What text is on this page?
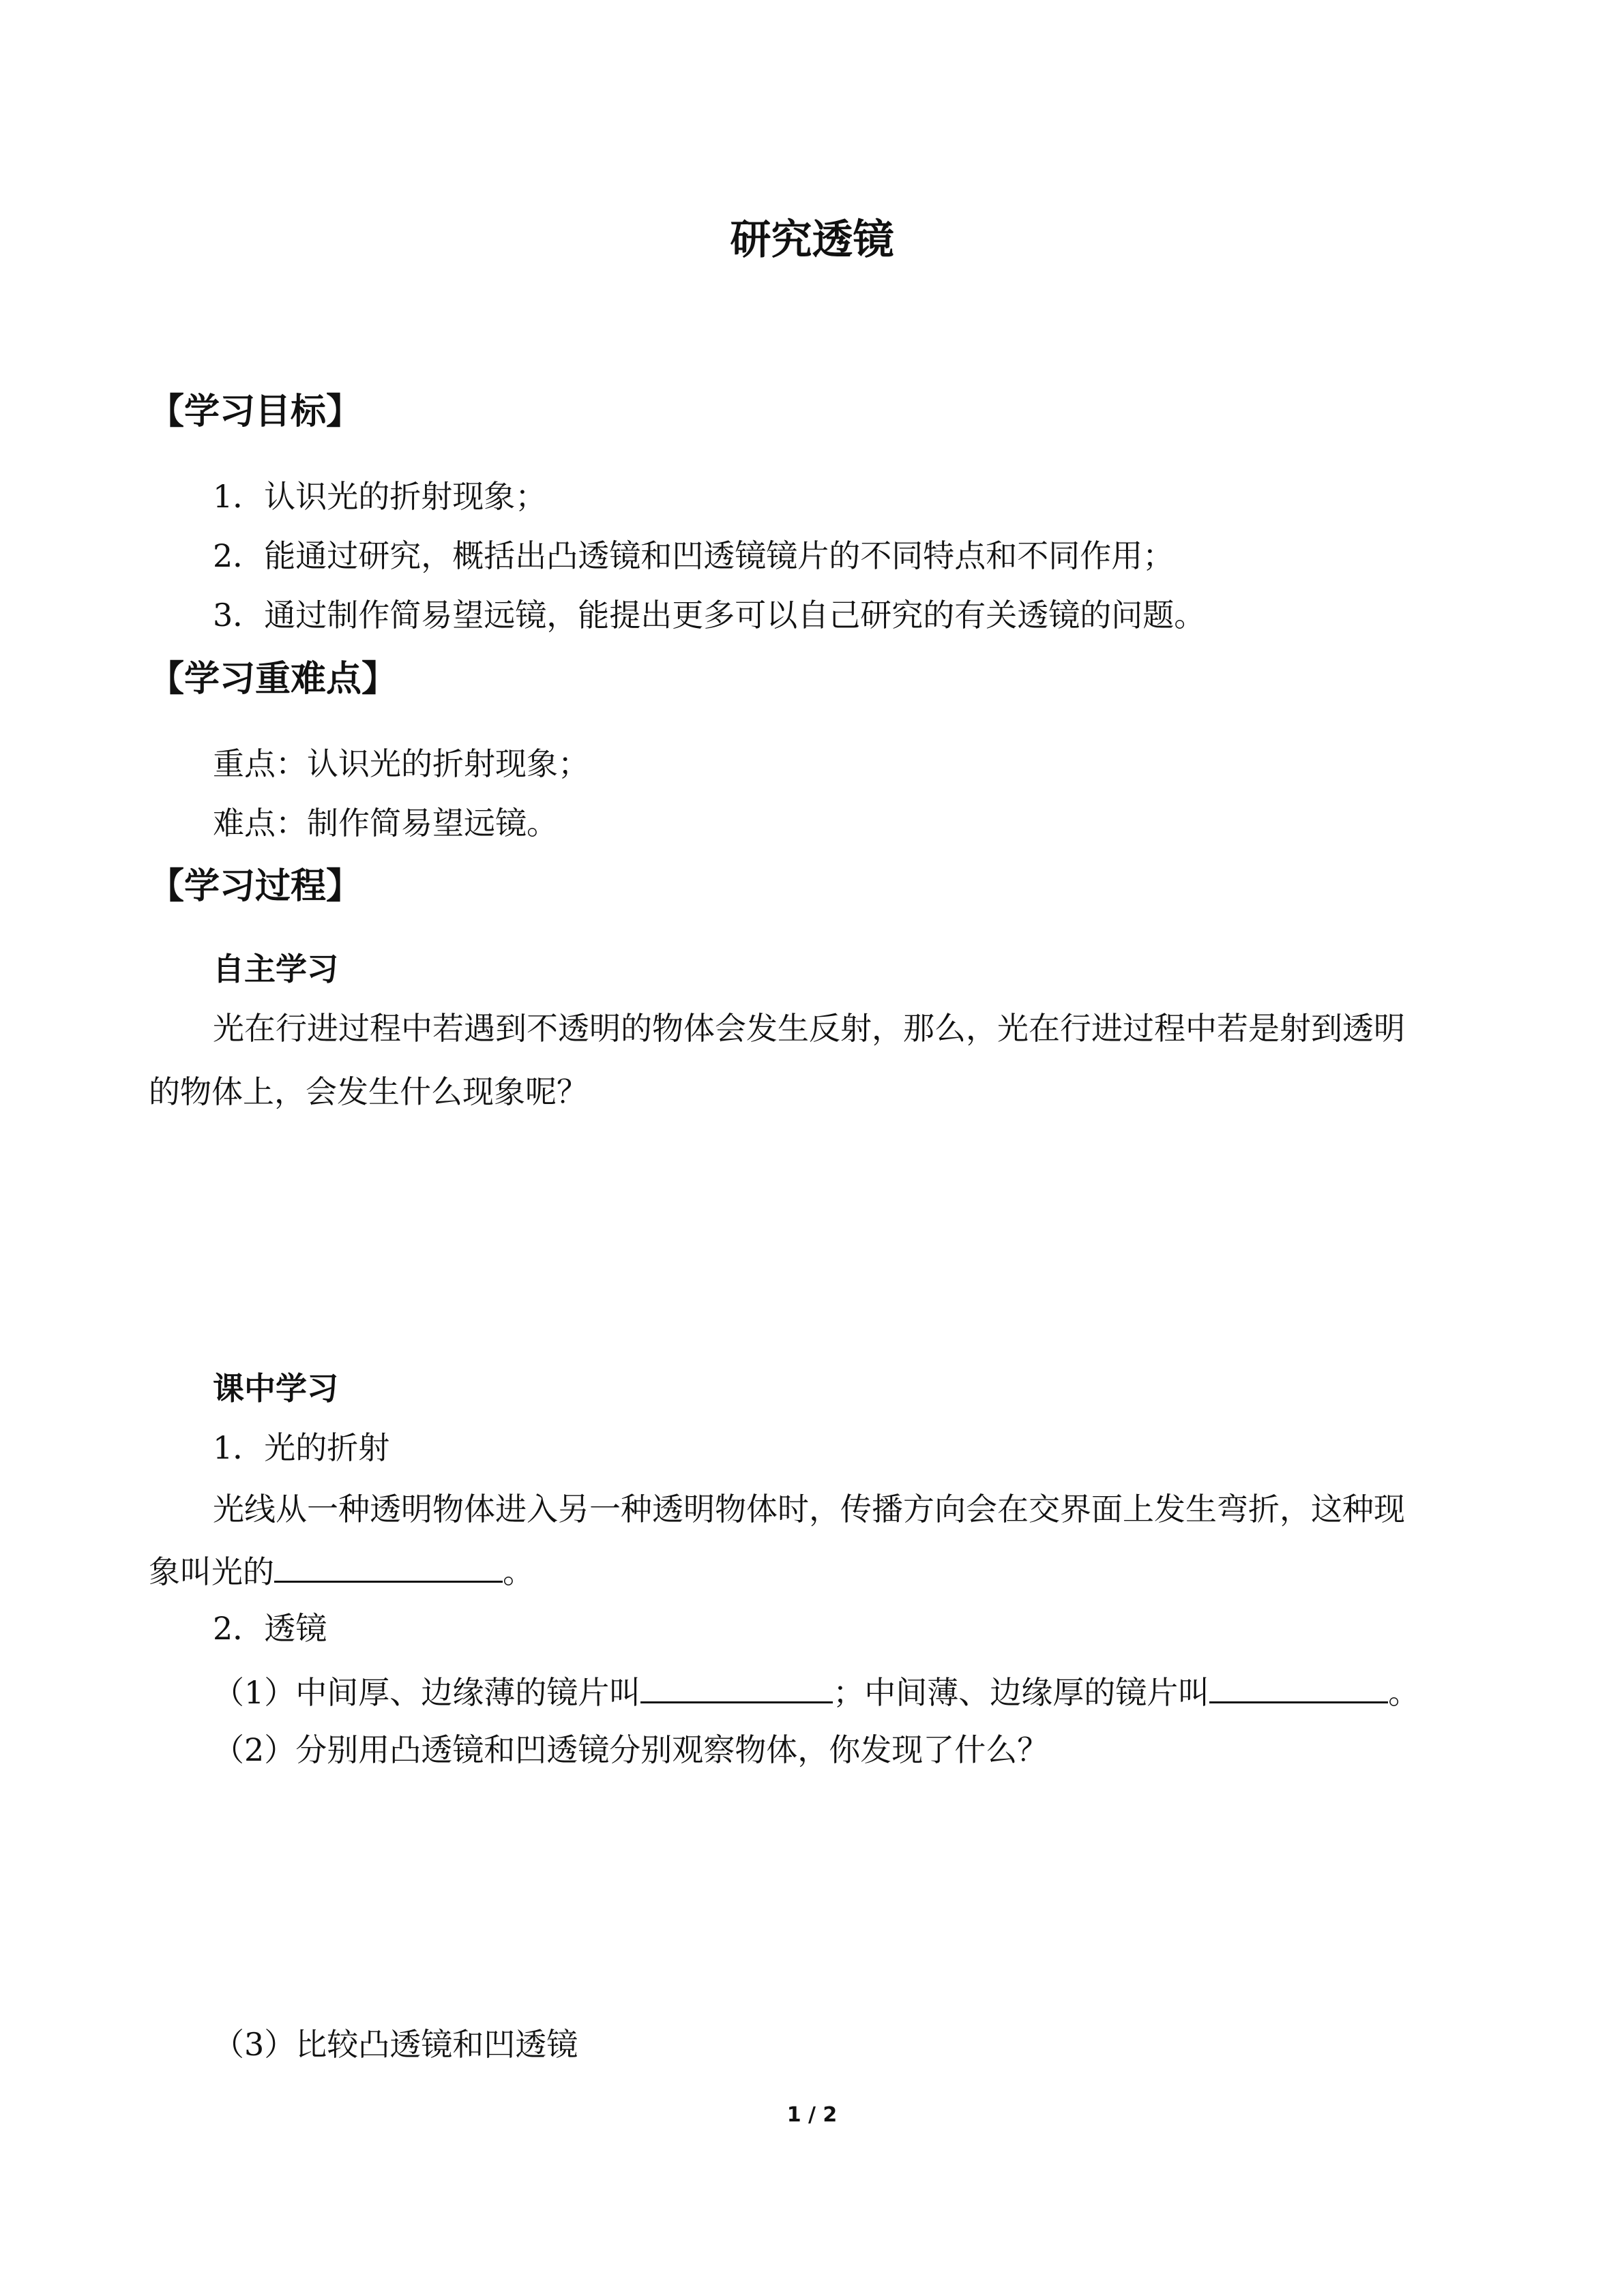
研究透镜
【学习目标】
1．认识光的折射现象；
2．能通过研究，概括出凸透镜和凹透镜镜片的不同特点和不同作用；
3．通过制作简易望远镜，能提出更多可以自己研究的有关透镜的问题。
【学习重难点】
重点：认识光的折射现象；
难点：制作简易望远镜。
【学习过程】
自主学习
光在行进过程中若遇到不透明的物体会发生反射，那么，光在行进过程中若是射到透明
的物体上，会发生什么现象呢？
课中学习
1．光的折射
光线从一种透明物体进入另一种透明物体时，传播方向会在交界面上发生弯折，这种现
象叫光的	。
2．透镜
（1）中间厚、边缘薄的镜片叫	；中间薄、边缘厚的镜片叫	。
（2）分别用凸透镜和凹透镜分别观察物体，你发现了什么？
（3）比较凸透镜和凹透镜
1 / 2
